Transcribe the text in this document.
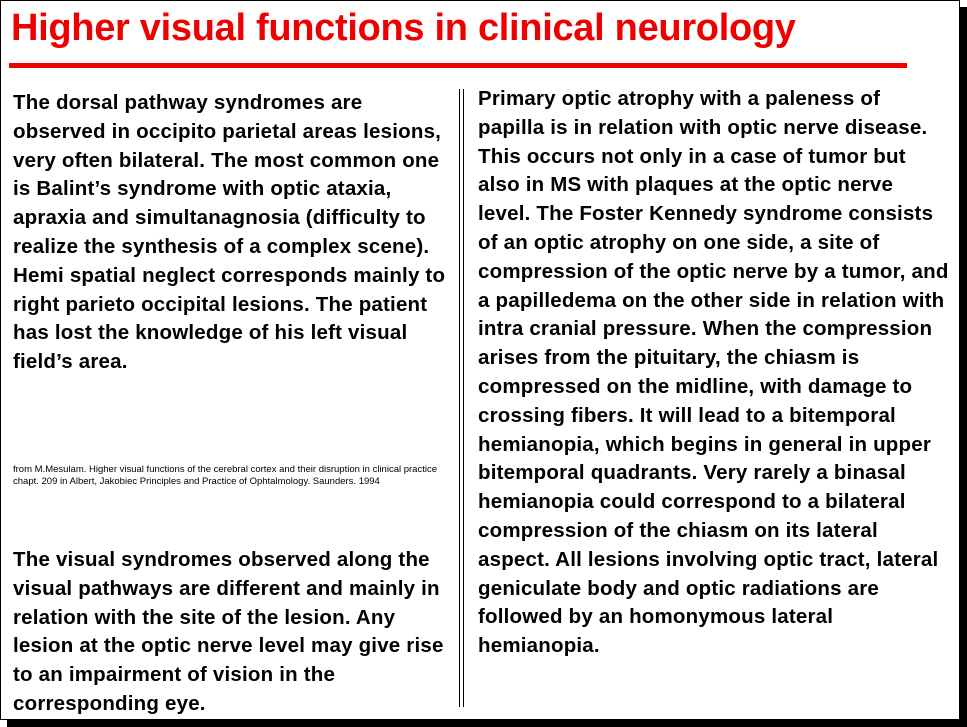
Higher visual functions in clinical neurology

The dorsal pathway syndromes are observed in occipito parietal areas lesions, very often bilateral. The most common one is Balint’s syndrome with optic ataxia, apraxia and simultanagnosia (difficulty to realize the synthesis of a complex scene). Hemi spatial neglect corresponds mainly to right parieto occipital lesions. The patient has lost the knowledge of his left visual field’s area.

from M.Mesulam. Higher visual functions of the cerebral cortex and their disruption in clinical practice chapt. 209 in Albert, Jakobiec Principles and Practice of Ophtalmology. Saunders. 1994

The visual syndromes observed along the visual pathways are different and mainly in relation with the site of the lesion. Any lesion at the optic nerve level may give rise to an impairment of vision in the corresponding eye.

Primary optic atrophy with a paleness of papilla is in relation with optic nerve disease. This occurs not only in a case of tumor but also in MS with plaques at the optic nerve level. The Foster Kennedy syndrome consists of an optic atrophy on one side, a site of compression of the optic nerve by a tumor, and a papilledema on the other side in relation with intra cranial pressure. When the compression arises from the pituitary, the chiasm is compressed on the midline, with damage to crossing fibers. It will lead to a bitemporal hemianopia, which begins in general in upper bitemporal quadrants. Very rarely a binasal hemianopia could correspond to a bilateral compression of the chiasm on its lateral aspect. All lesions involving optic tract, lateral geniculate body and optic radiations are followed by an homonymous lateral hemianopia.
